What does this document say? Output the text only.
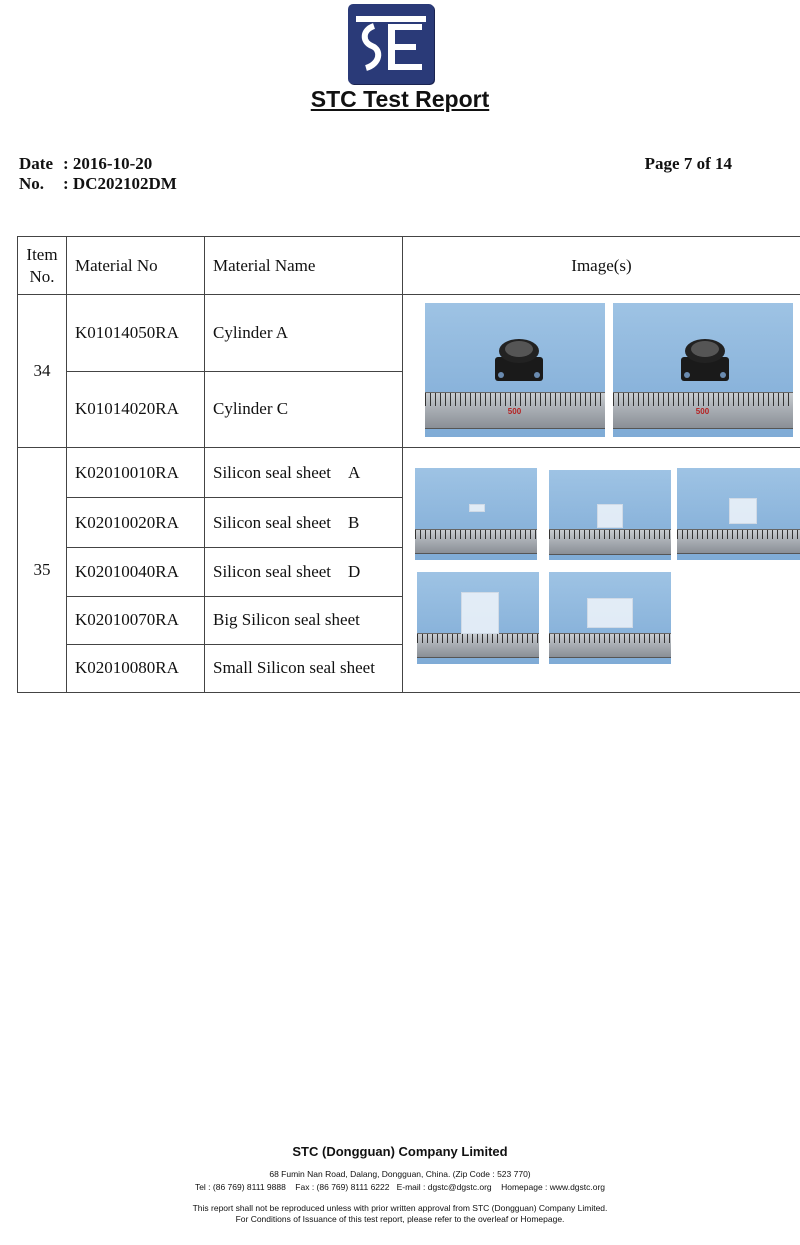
STC Test Report
Date : 2016-10-20
No. : DC202102DM
Page 7 of 14
Item
No.	Material No	Material Name	Image(s)
34	K01014050RA	Cylinder A	500 500

	K01014020RA	Cylinder C	
35	K02010010RA	Silicon seal sheet    A	

	K02010020RA	Silicon seal sheet    B	
	K02010040RA	Silicon seal sheet    D	
	K02010070RA	Big Silicon seal sheet	
	K02010080RA	Small Silicon seal sheet	
STC (Dongguan) Company Limited
68 Fumin Nan Road, Dalang, Dongguan, China. (Zip Code : 523 770)
Tel : (86 769) 8111 9888    Fax : (86 769) 8111 6222   E-mail : dgstc@dgstc.org    Homepage : www.dgstc.org
This report shall not be reproduced unless with prior written approval from STC (Dongguan) Company Limited.
For Conditions of Issuance of this test report, please refer to the overleaf or Homepage.
